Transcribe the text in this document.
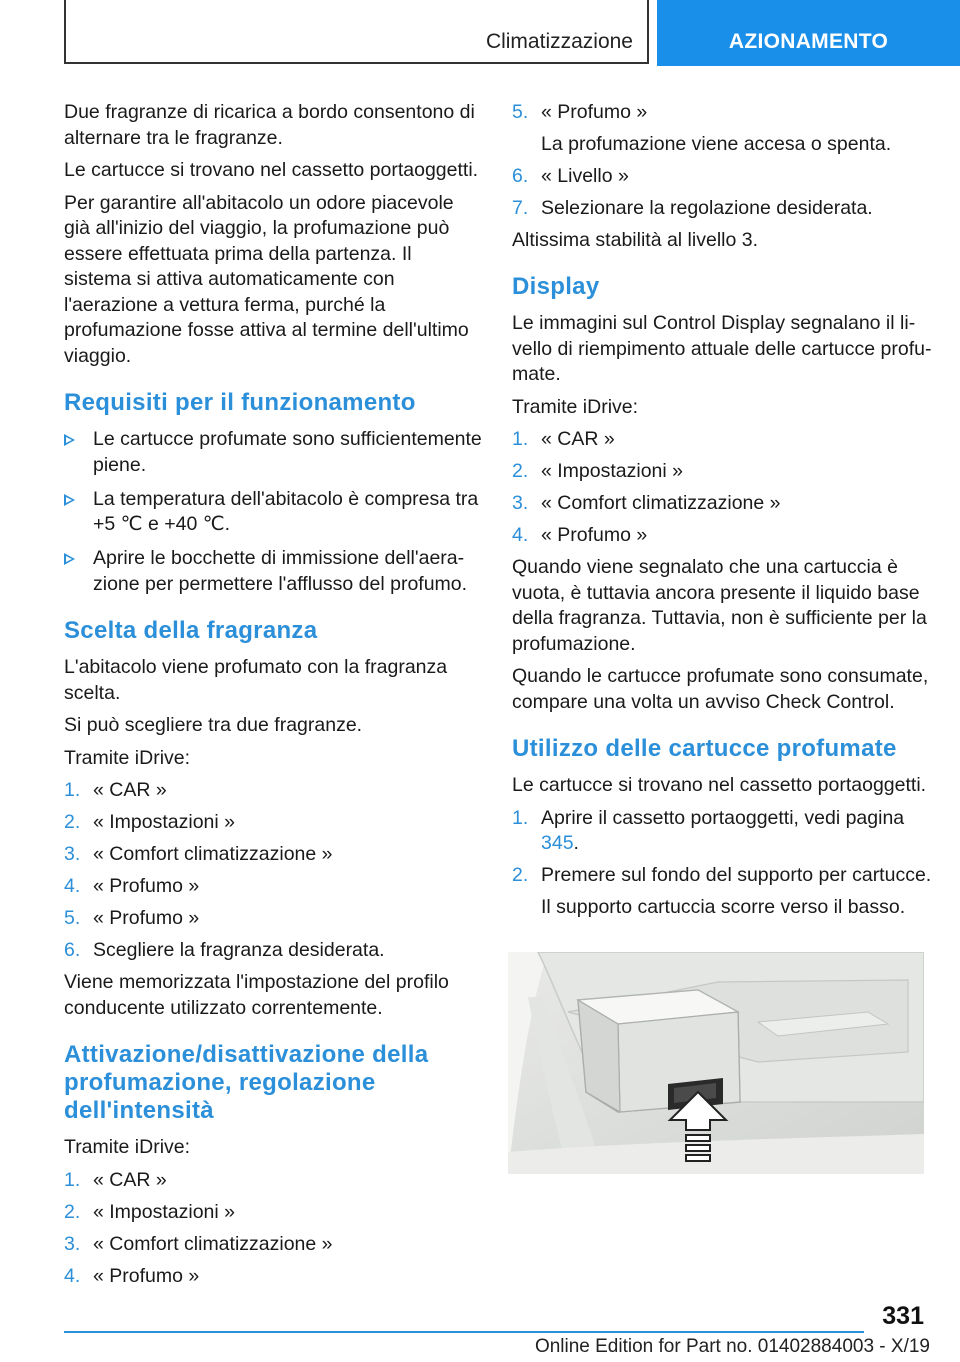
Climatizzazione	AZIONAMENTO

Due fragranze di ricarica a bordo consentono di alternare tra le fragranze.

Le cartucce si trovano nel cassetto portaoggetti.

Per garantire all'abitacolo un odore piacevole già all'inizio del viaggio, la profumazione può essere effettuata prima della partenza. Il sistema si attiva automaticamente con l'aerazione a vettura ferma, purché la profumazione fosse attiva al termine dell'ultimo viaggio.

Requisiti per il funzionamento
Le cartucce profumate sono sufficientemente piene.
La temperatura dell'abitacolo è compresa tra +5 ℃ e +40 ℃.
Aprire le bocchette di immissione dell'aerazione per permettere l'afflusso del profumo.
Scelta della fragranza

L'abitacolo viene profumato con la fragranza scelta.

Si può scegliere tra due fragranze.

Tramite iDrive:

1. « CAR »
2. « Impostazioni »
3. « Comfort climatizzazione »
4. « Profumo »
5. « Profumo »
6. Scegliere la fragranza desiderata.

Viene memorizzata l'impostazione del profilo conducente utilizzato correntemente.

Attivazione/disattivazione della profumazione, regolazione dell'intensità

Tramite iDrive:

1. « CAR »
2. « Impostazioni »
3. « Comfort climatizzazione »
4. « Profumo »
5. « Profumo »
La profumazione viene accesa o spenta.
6. « Livello »
7. Selezionare la regolazione desiderata.

Altissima stabilità al livello 3.

Display

Le immagini sul Control Display segnalano il livello di riempimento attuale delle cartucce profumate.

Tramite iDrive:

1. « CAR »
2. « Impostazioni »
3. « Comfort climatizzazione »
4. « Profumo »

Quando viene segnalato che una cartuccia è vuota, è tuttavia ancora presente il liquido base della fragranza. Tuttavia, non è sufficiente per la profumazione.

Quando le cartucce profumate sono consumate, compare una volta un avviso Check Control.

Utilizzo delle cartucce profumate

Le cartucce si trovano nel cassetto portaoggetti.

1. Aprire il cassetto portaoggetti, vedi pagina 345.
2. Premere sul fondo del supporto per cartucce.
Il supporto cartuccia scorre verso il basso.
331
Online Edition for Part no. 01402884003 - X/19
